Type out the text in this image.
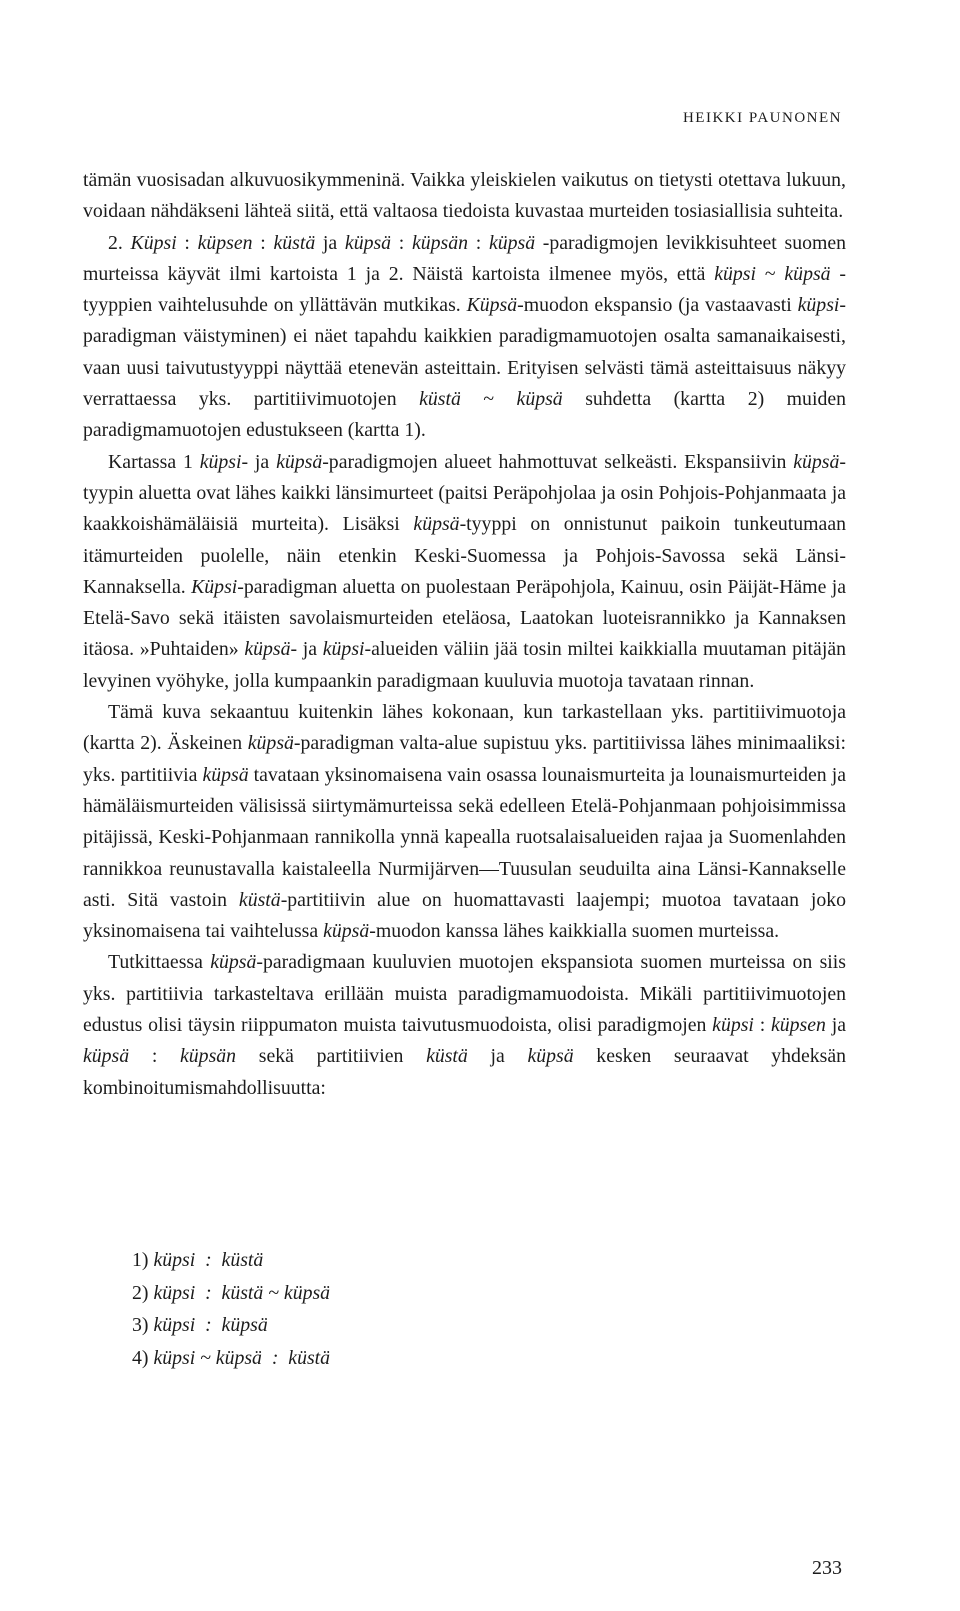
HEIKKI PAUNONEN

tämän vuosisadan alkuvuosikymmeninä. Vaikka yleiskielen vaikutus on tietysti otettava lukuun, voidaan nähdäkseni lähteä siitä, että valtaosa tiedoista kuvastaa murteiden tosiasiallisia suhteita.

2. Küpsi : küpsen : küstä ja küpsä : küpsän : küpsä -paradigmojen levikkisuhteet suomen murteissa käyvät ilmi kartoista 1 ja 2. Näistä kartoista ilmenee myös, että küpsi ~ küpsä -tyyppien vaihtelusuhde on yllättävän mutkikas. Küpsä-muodon ekspansio (ja vastaavasti küpsi-paradigman väistyminen) ei näet tapahdu kaikkien paradigmamuotojen osalta samanaikaisesti, vaan uusi taivutustyyppi näyttää etenevän asteittain. Erityisen selvästi tämä asteittaisuus näkyy verrattaessa yks. partitiivimuotojen küstä ~ küpsä suhdetta (kartta 2) muiden paradigmamuotojen edustukseen (kartta 1).

Kartassa 1 küpsi- ja küpsä-paradigmojen alueet hahmottuvat selkeästi. Ekspansiivin küpsä-tyypin aluetta ovat lähes kaikki länsimurteet (paitsi Peräpohjolaa ja osin Pohjois-Pohjanmaata ja kaakkoishämäläisiä murteita). Lisäksi küpsä-tyyppi on onnistunut paikoin tunkeutumaan itämurteiden puolelle, näin etenkin Keski-Suomessa ja Pohjois-Savossa sekä Länsi-Kannaksella. Küpsi-paradigman aluetta on puolestaan Peräpohjola, Kainuu, osin Päijät-Häme ja Etelä-Savo sekä itäisten savolaismurteiden eteläosa, Laatokan luoteisrannikko ja Kannaksen itäosa. »Puhtaiden» küpsä- ja küpsi-alueiden väliin jää tosin miltei kaikkialla muutaman pitäjän levyinen vyöhyke, jolla kumpaankin paradigmaan kuuluvia muotoja tavataan rinnan.

Tämä kuva sekaantuu kuitenkin lähes kokonaan, kun tarkastellaan yks. partitiivimuotoja (kartta 2). Äskeinen küpsä-paradigman valta-alue supistuu yks. partitiivissa lähes minimaaliksi: yks. partitiivia küpsä tavataan yksinomaisena vain osassa lounaismurteita ja lounaismurteiden ja hämäläismurteiden välisissä siirtymämurteissa sekä edelleen Etelä-Pohjanmaan pohjoisimmissa pitäjissä, Keski-Pohjanmaan rannikolla ynnä kapealla ruotsalaisalueiden rajaa ja Suomenlahden rannikkoa reunustavalla kaistaleella Nurmijärven—Tuusulan seuduilta aina Länsi-Kannakselle asti. Sitä vastoin küstä-partitiivin alue on huomattavasti laajempi; muotoa tavataan joko yksinomaisena tai vaihtelussa küpsä-muodon kanssa lähes kaikkialla suomen murteissa.

Tutkittaessa küpsä-paradigmaan kuuluvien muotojen ekspansiota suomen murteissa on siis yks. partitiivia tarkasteltava erillään muista paradigmamuodoista. Mikäli partitiivimuotojen edustus olisi täysin riippumaton muista taivutusmuodoista, olisi paradigmojen küpsi : küpsen ja küpsä : küpsän sekä partitiivien küstä ja küpsä kesken seuraavat yhdeksän kombinoitumismahdollisuutta:

1) küpsi  :  küstä
2) küpsi  :  küstä ~ küpsä
3) küpsi  :  küpsä
4) küpsi ~ küpsä  :  küstä
233
